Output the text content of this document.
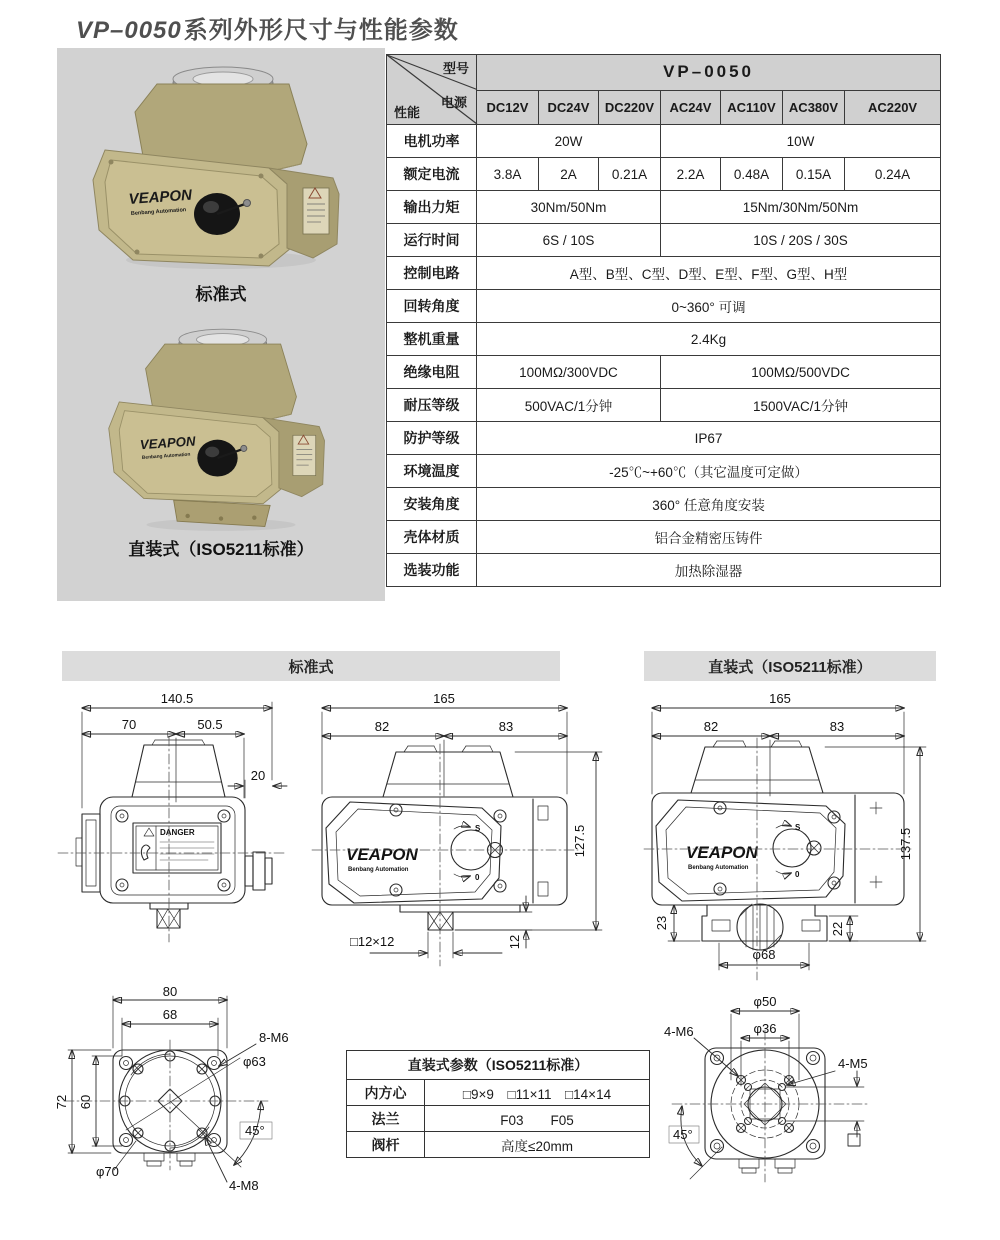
VP–0050系列外形尺寸与性能参数
VEAPON
Benbang Automation
标准式
VEAPON
Benbang Automation
直装式（ISO5211标准）
型号
电源
性能	VP–0050						
	DC12V	DC24V	DC220V	AC24V	AC110V	AC380V	AC220V
电机功率	20W			10W			
额定电流	3.8A	2A	0.21A	2.2A	0.48A	0.15A	0.24A
输出力矩	30Nm/50Nm			15Nm/30Nm/50Nm			
运行时间	6S / 10S			10S / 20S / 30S			
控制电路	A型、B型、C型、D型、E型、F型、G型、H型						
回转角度	0~360° 可调						
整机重量	2.4Kg						
绝缘电阻	100MΩ/300VDC			100MΩ/500VDC			
耐压等级	500VAC/1分钟			1500VAC/1分钟			
防护等级	IP67						
环境温度	-25℃~+60℃（其它温度可定做）						
安装角度	360° 任意角度安装						
壳体材质	铝合金精密压铸件						
选装功能	加热除湿器						
标准式	直装式（ISO5211标准）
140.5
70	50.5
20
DANGER
165
82	83
VEAPON
Benbang Automation
S
0
□12×12	12
127.5
165
82	83
VEAPON
Benbang Automation
S
0
23	22
φ68
137.5
80
68
72 60
8-M6
φ63
φ70
4-M8
45°
直装式参数（ISO5211标准）	
内方心	□9×9　□11×11　□14×14
法兰	F03　　F05
阀杆	高度≤20mm
φ50
φ36
4-M6
4-M5
45°
